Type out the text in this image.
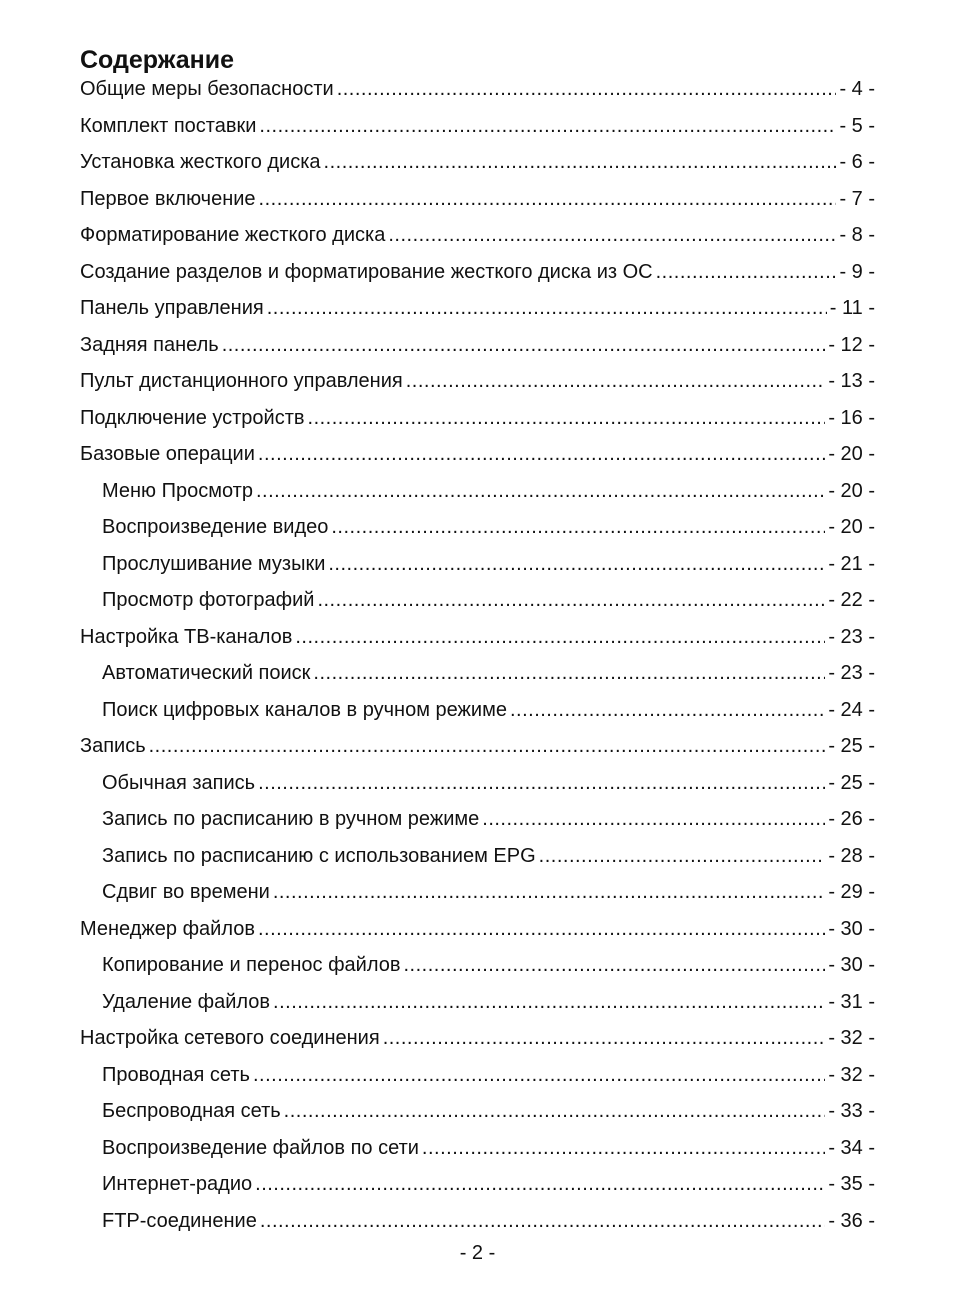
Содержание
Общие меры безопасности .....	- 4 -
Комплект поставки .....	- 5 -
Установка жесткого диска .....	- 6 -
Первое включение .....	- 7 -
Форматирование жесткого диска .....	- 8 -
Создание разделов и форматирование жесткого диска из ОС .....	- 9 -
Панель управления .....	- 11 -
Задняя панель .....	- 12 -
Пульт дистанционного управления .....	- 13 -
Подключение устройств .....	- 16 -
Базовые операции .....	- 20 -
Меню Просмотр .....	- 20 -
Воспроизведение видео .....	- 20 -
Прослушивание музыки .....	- 21 -
Просмотр фотографий .....	- 22 -
Настройка ТВ-каналов .....	- 23 -
Автоматический поиск .....	- 23 -
Поиск цифровых каналов в ручном режиме .....	- 24 -
Запись .....	- 25 -
Обычная запись .....	- 25 -
Запись по расписанию в ручном режиме .....	- 26 -
Запись по расписанию с использованием EPG .....	- 28 -
Сдвиг во времени .....	- 29 -
Менеджер файлов .....	- 30 -
Копирование и перенос файлов .....	- 30 -
Удаление файлов .....	- 31 -
Настройка сетевого соединения .....	- 32 -
Проводная сеть .....	- 32 -
Беспроводная сеть .....	- 33 -
Воспроизведение файлов по сети .....	- 34 -
Интернет-радио .....	- 35 -
FTP-соединение .....	- 36 -
- 2 -
